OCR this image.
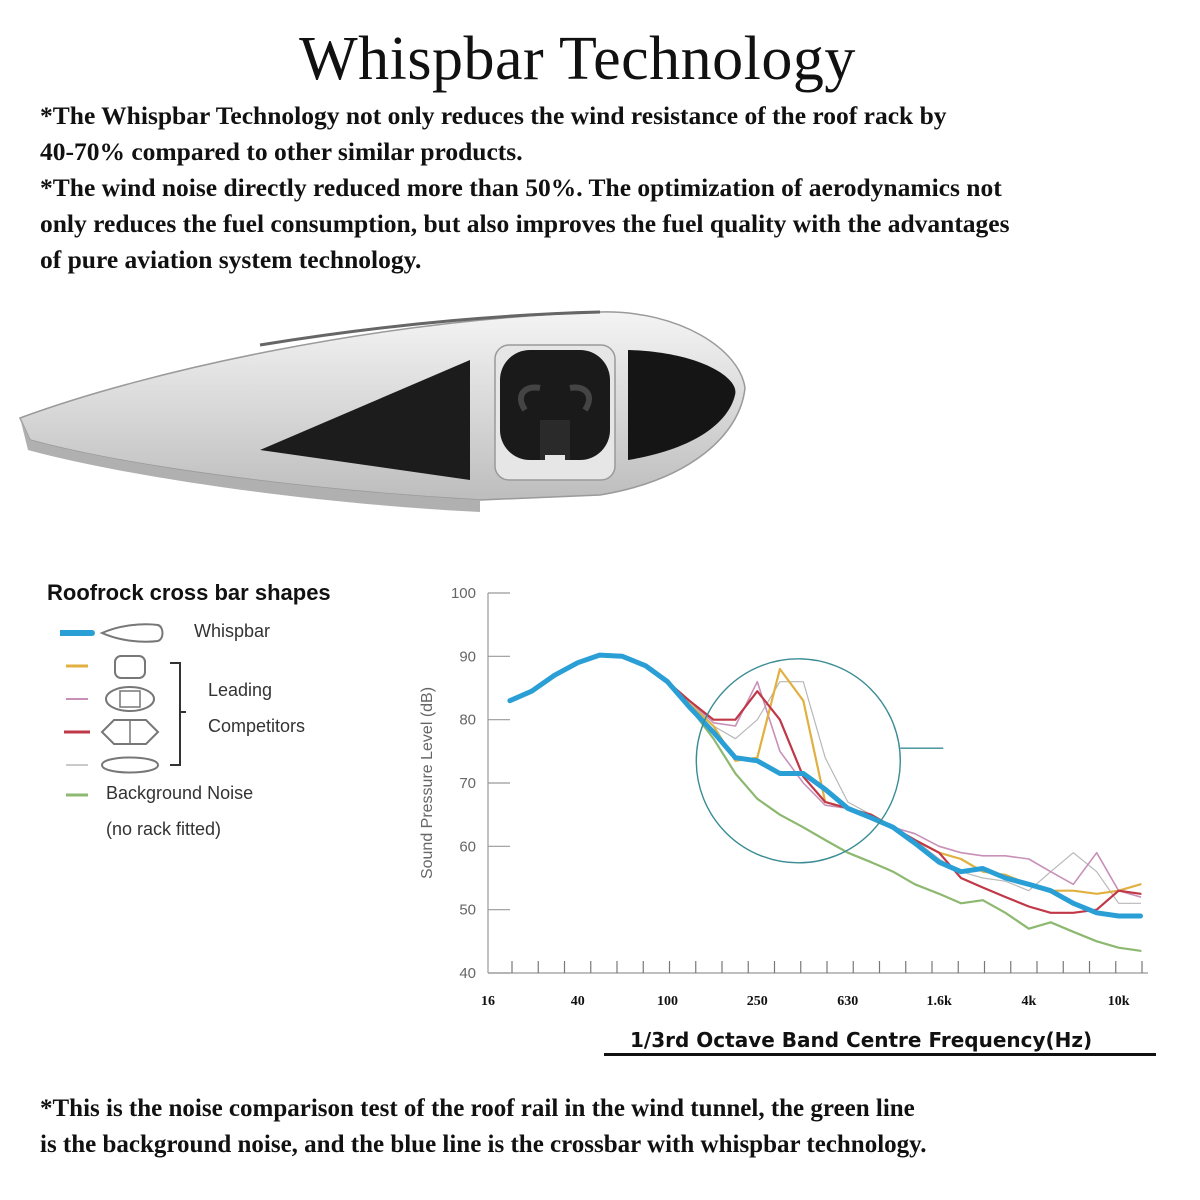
Whispbar Technology

*The Whispbar Technology not only reduces the wind resistance of the roof rack by

40-70% compared to other similar products.

*The wind noise directly reduced more than 50%. The optimization of aerodynamics not

only reduces the fuel consumption, but also improves the fuel quality with the advantages

of pure aviation system technology.

Roofrock cross bar shapes
Whispbar
Leading
Competitors
Background Noise
(no rack fitted)
40
50
60
70
80
90
100
16	40	100	250	630	1.6k	4k	10k
Sound Pressure Level (dB)
1/3rd Octave Band Centre Frequency(Hz)

*This is the noise comparison test of the roof rail in the wind tunnel, the green line

is the background noise, and the blue line is the crossbar with whispbar technology.
